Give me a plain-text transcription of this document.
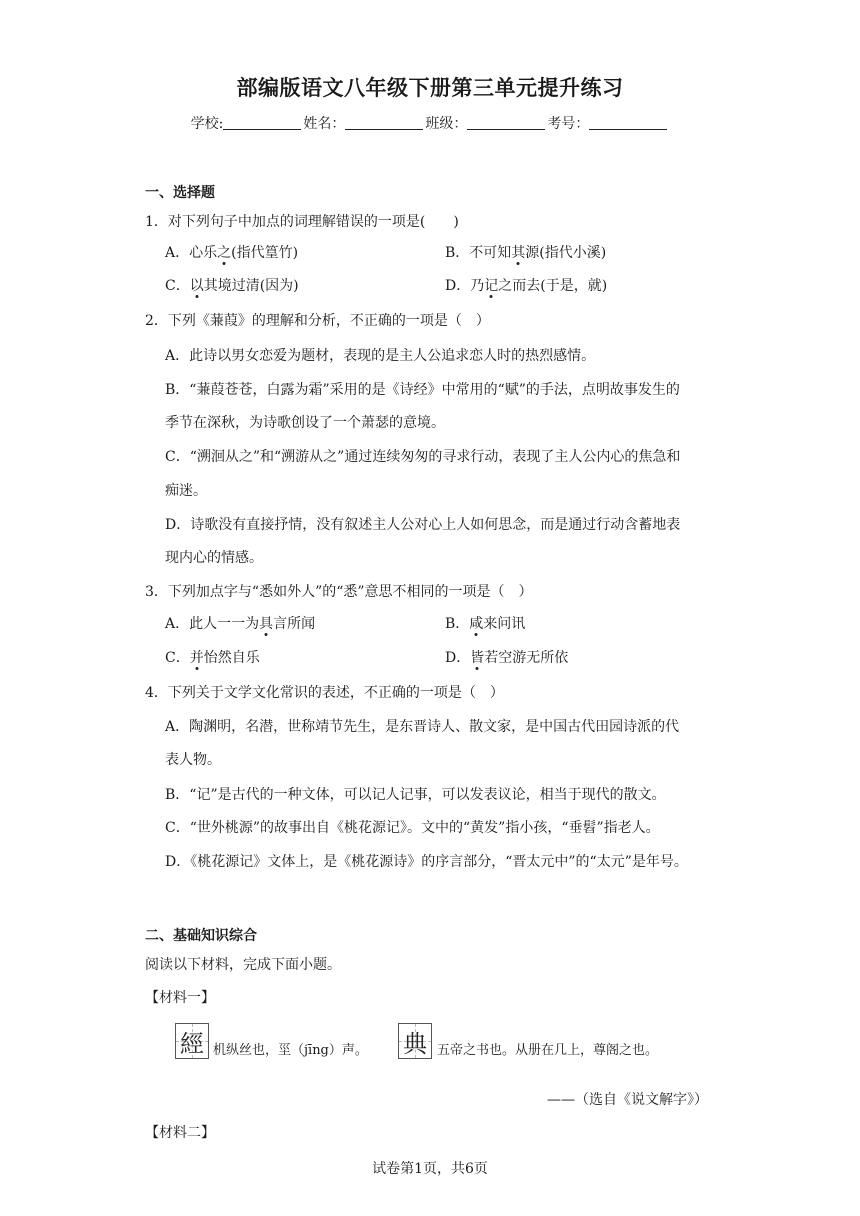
部编版语文八年级下册第三单元提升练习
学校:	姓名：	班级：	考号：
一、选择题
1．对下列句子中加点的词理解错误的一项是(　　)
A．心乐之(指代篁竹)	B．不可知其源(指代小溪)
C．以其境过清(因为)	D．乃记之而去(于是，就)
2．下列《蒹葭》的理解和分析，不正确的一项是（　）
A．此诗以男女恋爱为题材，表现的是主人公追求恋人时的热烈感情。
B．“蒹葭苍苍，白露为霜”采用的是《诗经》中常用的“赋”的手法，点明故事发生的
季节在深秋，为诗歌创设了一个萧瑟的意境。
C．“溯洄从之”和“溯游从之”通过连续匆匆的寻求行动，表现了主人公内心的焦急和
痴迷。
D．诗歌没有直接抒情，没有叙述主人公对心上人如何思念，而是通过行动含蓄地表
现内心的情感。
3．下列加点字与“悉如外人”的“悉”意思不相同的一项是（　）
A．此人一一为具言所闻	B．咸来问讯
C．并怡然自乐	D．皆若空游无所依
4．下列关于文学文化常识的表述，不正确的一项是（　）
A．陶渊明，名潜，世称靖节先生，是东晋诗人、散文家，是中国古代田园诗派的代
表人物。
B．“记”是古代的一种文体，可以记人记事，可以发表议论，相当于现代的散文。
C．“世外桃源”的故事出自《桃花源记》。文中的“黄发”指小孩，“垂髫”指老人。
D．《桃花源记》文体上，是《桃花源诗》的序言部分，“晋太元中”的“太元”是年号。
二、基础知识综合
阅读以下材料，完成下面小题。
【材料一】
經 机纵丝也，坙（jīng）声。 典 五帝之书也。从册在几上，尊阁之也。
——（选自《说文解字》）
【材料二】
试卷第1页，共6页
